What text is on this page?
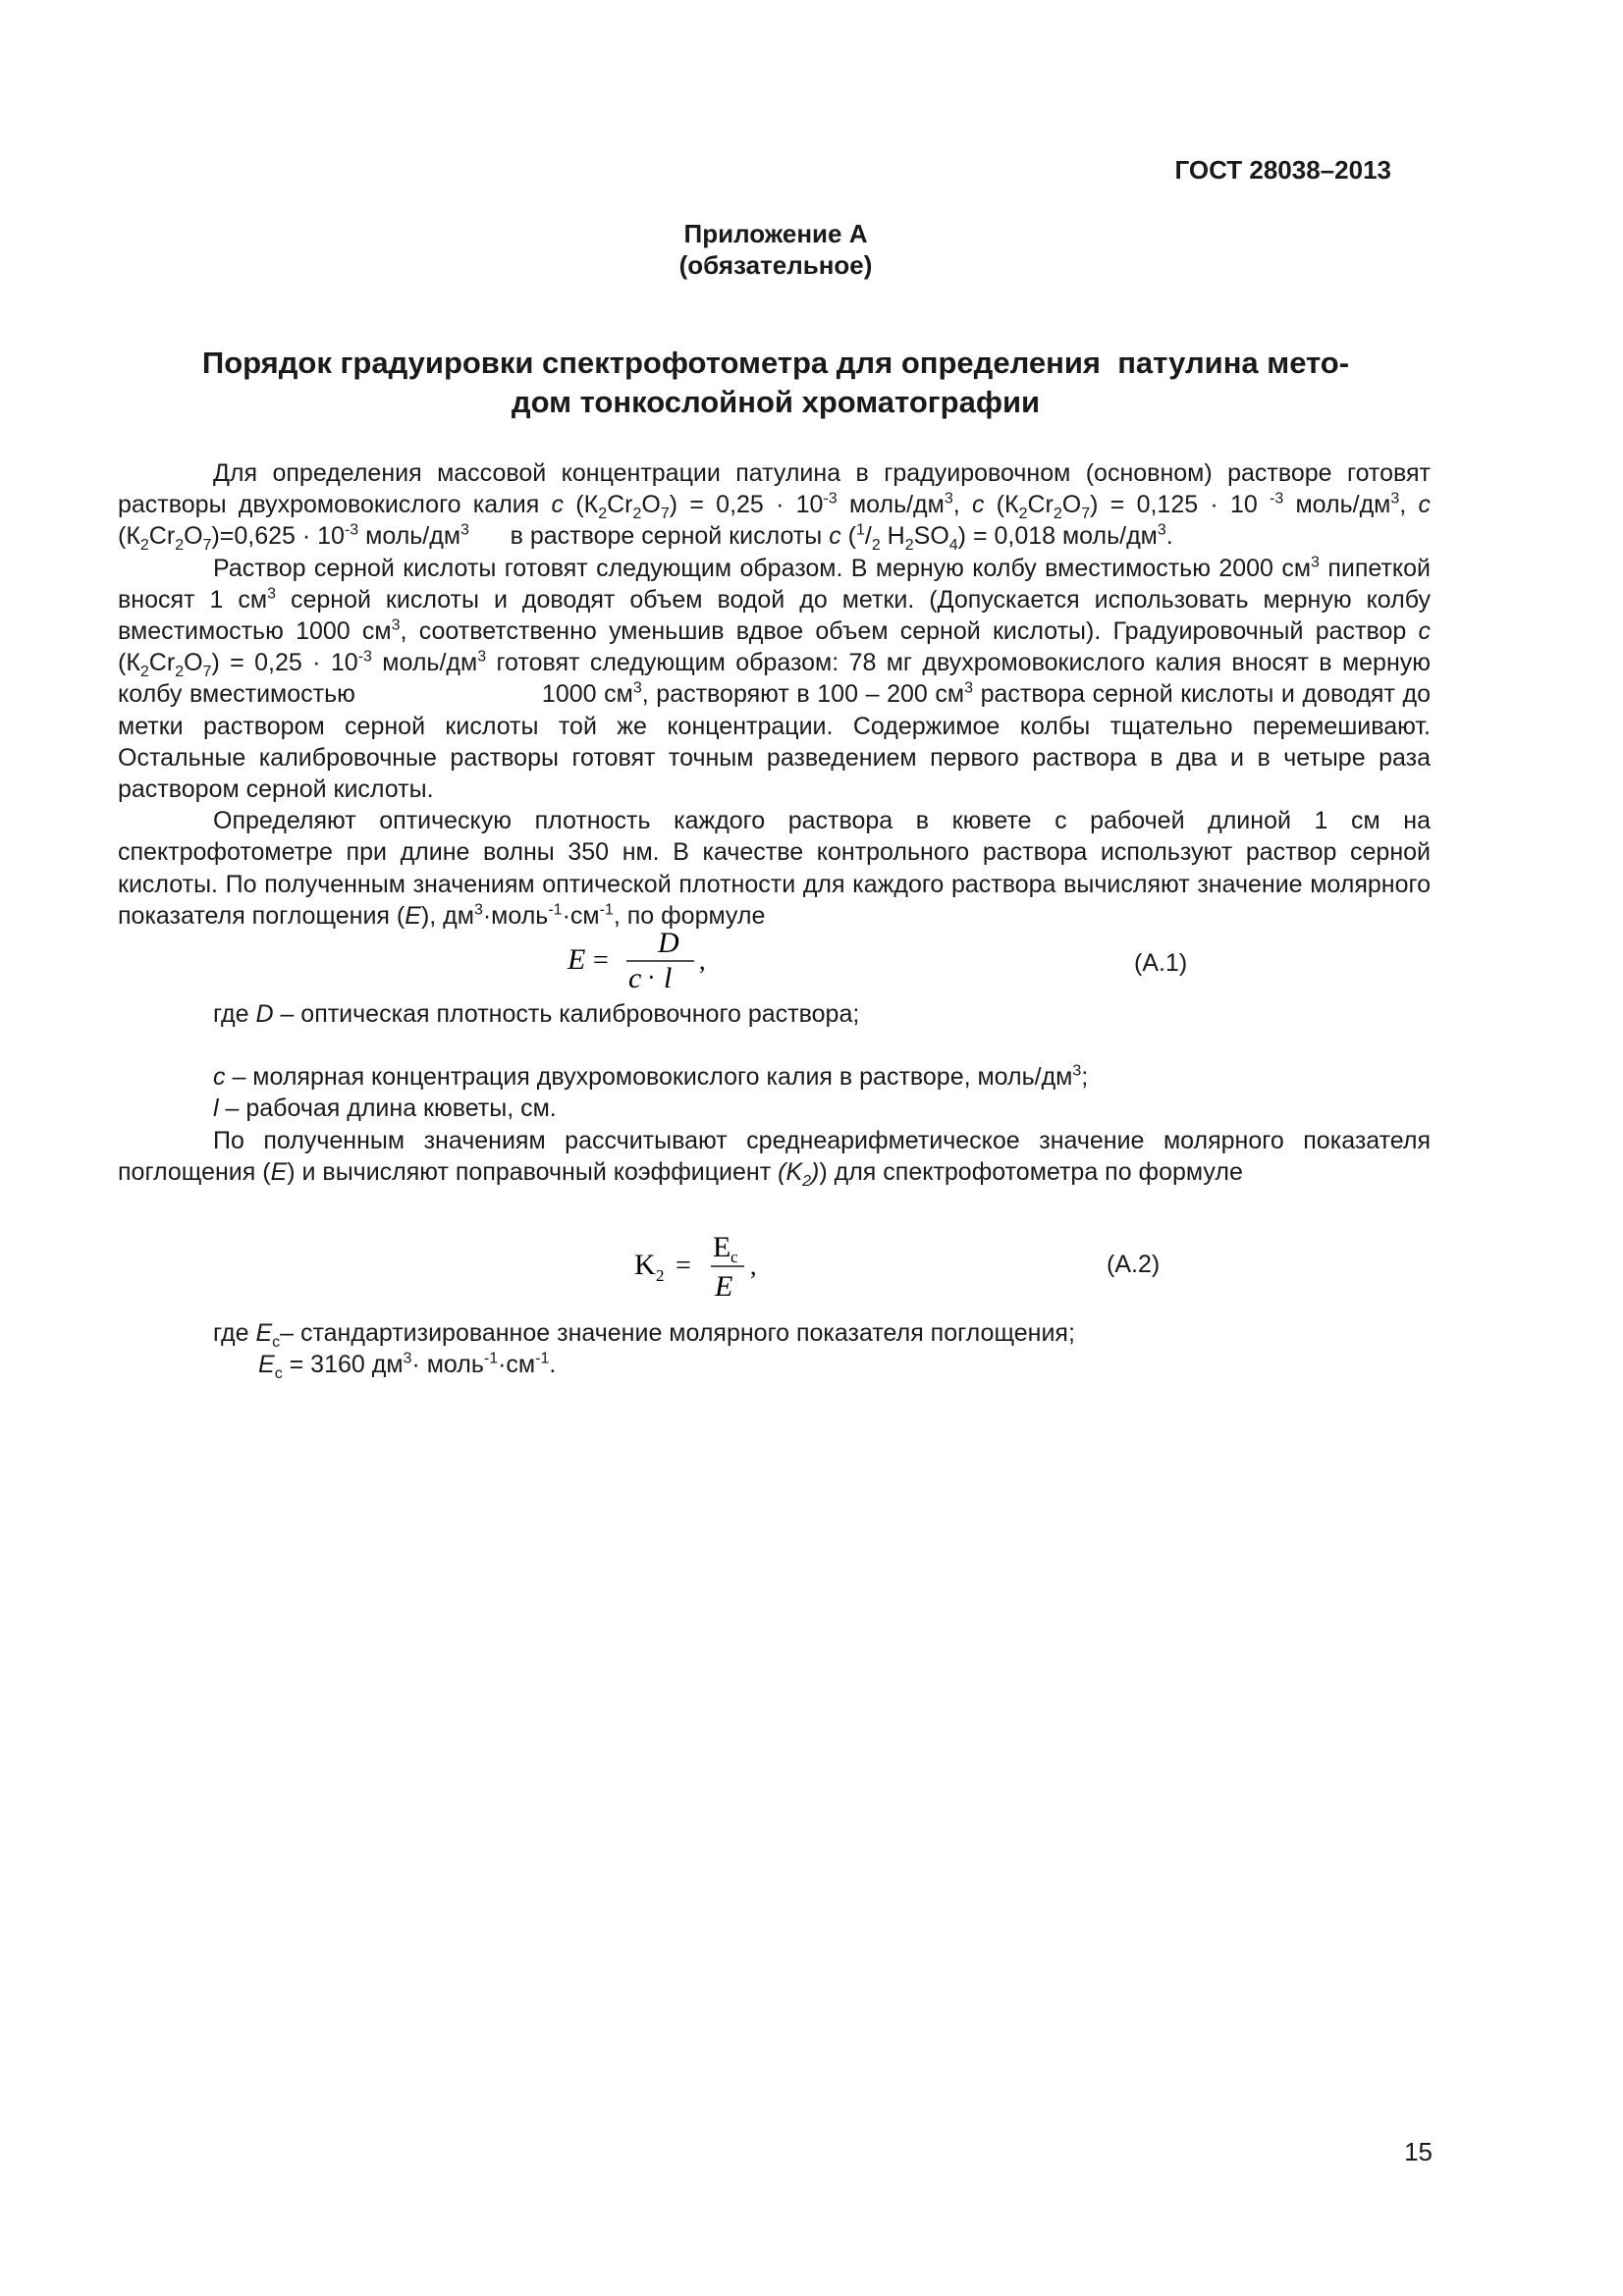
ГОСТ 28038–2013
Приложение А
(обязательное)
Порядок градуировки спектрофотометра для определения  патулина мето-
дом тонкослойной хроматографии

Для определения массовой концентрации патулина в градуировочном (основном) растворе готовят растворы двухромовокислого калия c $(К_2Cr_2O_7) = 0,25 \cdot 10^{-3}$ моль/$дм^3$, c $(К_2Cr_2O_7) = 0,125 \cdot 10$ $^{-3}$ моль/$дм^3$, c $(К_2Cr_2O_7)=0,625 \cdot 10^{-3}$ моль/$дм^3$      в растворе серной кислоты c ($^1/_2$ $H_2SO_4) = 0,018$ моль/$дм^3$.

Раствор серной кислоты готовят следующим образом. В мерную колбу вместимостью 2000 $см^3$ пипеткой вносят 1 $см^3$ серной кислоты и доводят объем водой до метки. (Допускается использовать мерную колбу вместимостью 1000 $см^3$, соответственно уменьшив вдвое объем серной кислоты). Градуировочный раствор c $(К_2Cr_2O_7) = 0,25 \cdot 10^{-3}$ моль/$дм^3$ готовят следующим образом: 78 мг двухромовокислого калия вносят в мерную колбу вместимостью                         1000 $см^3$, растворяют в 100 – 200 $см^3$ раствора серной кислоты и доводят до метки раствором серной кислоты той же концентрации. Содержимое колбы тщательно перемешивают. Остальные калибровочные растворы готовят точным разведением первого раствора в два и в четыре раза раствором серной кислоты.

Определяют оптическую плотность каждого раствора в кювете с рабочей длиной 1 см на спектрофотометре при длине волны 350 нм. В качестве контрольного раствора используют раствор серной кислоты. По полученным значениям оптической плотности для каждого раствора вычисляют значение молярного показателя поглощения (E), $дм^3\cdot моль^{-1}\cdot см^{-1}$, по формуле

E =
D
c · l
,	(А.1)

где D – оптическая плотность калибровочного раствора;

c – молярная концентрация двухромовокислого калия в растворе, моль/$дм^3$;

l – рабочая длина кюветы, см.

По полученным значениям рассчитывают среднеарифметическое значение молярного показателя поглощения (E) и вычисляют поправочный коэффициент $(K_2)$) для спектрофотометра по формуле

K 2 =
E c
E
,	(А.2)

где $E_c-$ стандартизированное значение молярного показателя поглощения;

$E_c = 3160$ $дм^3\cdot$ $моль^{-1}\cdot см^{-1}$.

15
